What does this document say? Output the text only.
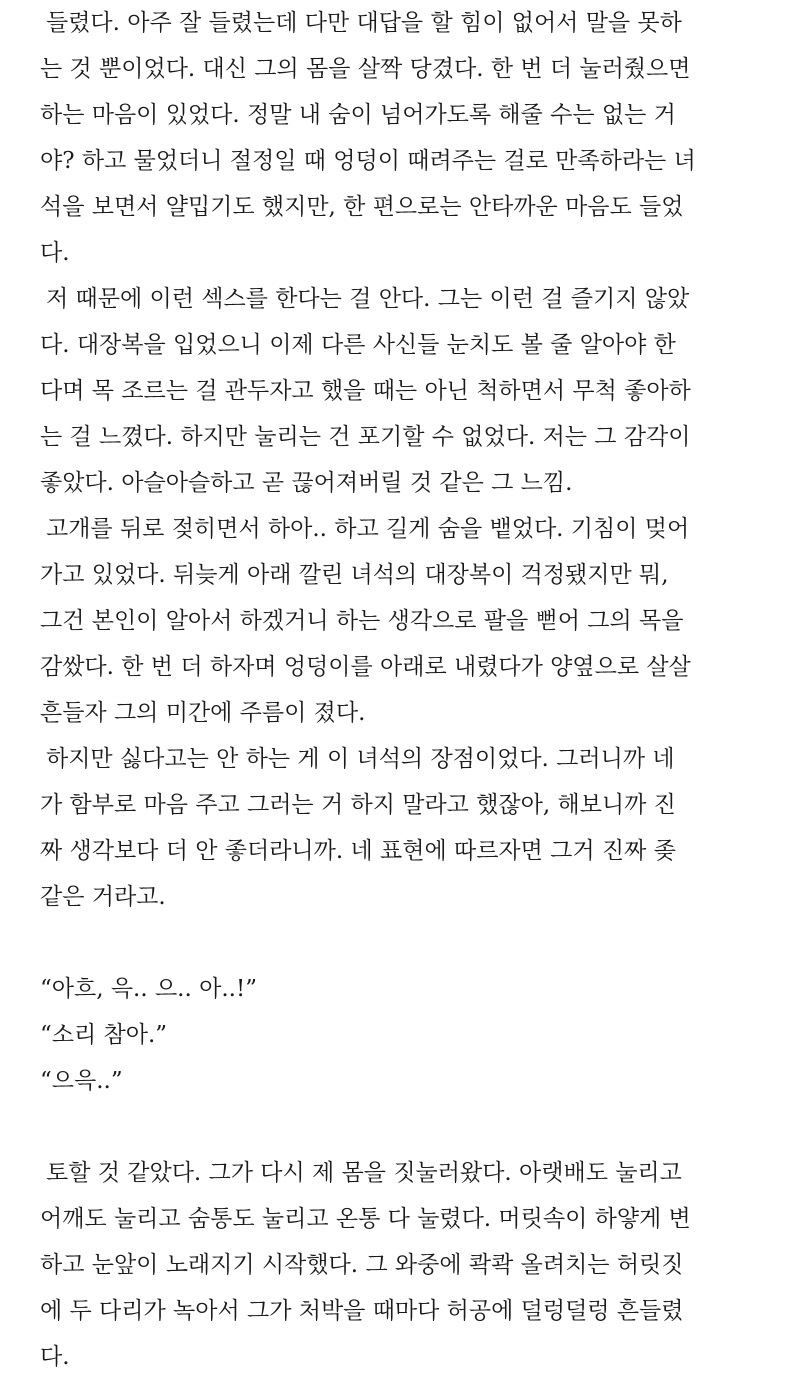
들렸다. 아주 잘 들렸는데 다만 대답을 할 힘이 없어서 말을 못하
는 것 뿐이었다. 대신 그의 몸을 살짝 당겼다. 한 번 더 눌러줬으면
하는 마음이 있었다. 정말 내 숨이 넘어가도록 해줄 수는 없는 거
야? 하고 물었더니 절정일 때 엉덩이 때려주는 걸로 만족하라는 녀
석을 보면서 얄밉기도 했지만, 한 편으로는 안타까운 마음도 들었
다.
저 때문에 이런 섹스를 한다는 걸 안다. 그는 이런 걸 즐기지 않았
다. 대장복을 입었으니 이제 다른 사신들 눈치도 볼 줄 알아야 한
다며 목 조르는 걸 관두자고 했을 때는 아닌 척하면서 무척 좋아하
는 걸 느꼈다. 하지만 눌리는 건 포기할 수 없었다. 저는 그 감각이
좋았다. 아슬아슬하고 곧 끊어져버릴 것 같은 그 느낌.
고개를 뒤로 젖히면서 하아.. 하고 길게 숨을 뱉었다. 기침이 멎어
가고 있었다. 뒤늦게 아래 깔린 녀석의 대장복이 걱정됐지만 뭐,
그건 본인이 알아서 하겠거니 하는 생각으로 팔을 뻗어 그의 목을
감쌌다. 한 번 더 하자며 엉덩이를 아래로 내렸다가 양옆으로 살살
흔들자 그의 미간에 주름이 졌다.
하지만 싫다고는 안 하는 게 이 녀석의 장점이었다. 그러니까 네
가 함부로 마음 주고 그러는 거 하지 말라고 했잖아, 해보니까 진
짜 생각보다 더 안 좋더라니까. 네 표현에 따르자면 그거 진짜 좆
같은 거라고.
“아흐, 윽.. 으.. 아..!”
“소리 참아.”
“으윽..”
토할 것 같았다. 그가 다시 제 몸을 짓눌러왔다. 아랫배도 눌리고
어깨도 눌리고 숨통도 눌리고 온통 다 눌렸다. 머릿속이 하얗게 변
하고 눈앞이 노래지기 시작했다. 그 와중에 콱콱 올려치는 허릿짓
에 두 다리가 녹아서 그가 처박을 때마다 허공에 덜렁덜렁 흔들렸
다.
